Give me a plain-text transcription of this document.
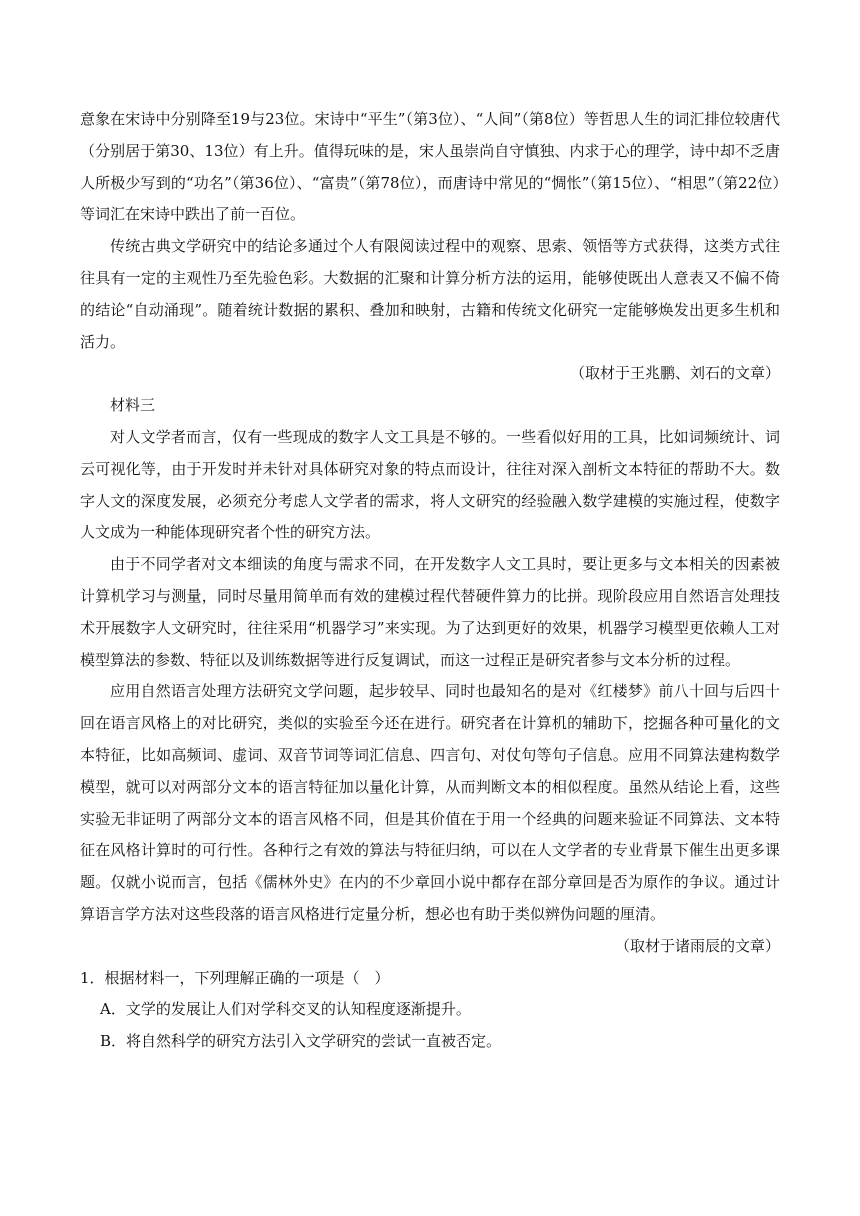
意象在宋诗中分别降至19与23位。宋诗中“平生”（第3位）、“人间”（第8位）等哲思人生的词汇排位较唐代（分别居于第30、13位）有上升。值得玩味的是，宋人虽崇尚自守慎独、内求于心的理学，诗中却不乏唐人所极少写到的“功名”（第36位）、“富贵”（第78位），而唐诗中常见的“惆怅”（第15位）、“相思”（第22位）等词汇在宋诗中跌出了前一百位。

传统古典文学研究中的结论多通过个人有限阅读过程中的观察、思索、领悟等方式获得，这类方式往往具有一定的主观性乃至先验色彩。大数据的汇聚和计算分析方法的运用，能够使既出人意表又不偏不倚的结论“自动涌现”。随着统计数据的累积、叠加和映射，古籍和传统文化研究一定能够焕发出更多生机和活力。

（取材于王兆鹏、刘石的文章）

材料三

对人文学者而言，仅有一些现成的数字人文工具是不够的。一些看似好用的工具，比如词频统计、词云可视化等，由于开发时并未针对具体研究对象的特点而设计，往往对深入剖析文本特征的帮助不大。数字人文的深度发展，必须充分考虑人文学者的需求，将人文研究的经验融入数学建模的实施过程，使数字人文成为一种能体现研究者个性的研究方法。

由于不同学者对文本细读的角度与需求不同，在开发数字人文工具时，要让更多与文本相关的因素被计算机学习与测量，同时尽量用简单而有效的建模过程代替硬件算力的比拼。现阶段应用自然语言处理技术开展数字人文研究时，往往采用“机器学习”来实现。为了达到更好的效果，机器学习模型更依赖人工对模型算法的参数、特征以及训练数据等进行反复调试，而这一过程正是研究者参与文本分析的过程。

应用自然语言处理方法研究文学问题，起步较早、同时也最知名的是对《红楼梦》前八十回与后四十回在语言风格上的对比研究，类似的实验至今还在进行。研究者在计算机的辅助下，挖掘各种可量化的文本特征，比如高频词、虚词、双音节词等词汇信息、四言句、对仗句等句子信息。应用不同算法建构数学模型，就可以对两部分文本的语言特征加以量化计算，从而判断文本的相似程度。虽然从结论上看，这些实验无非证明了两部分文本的语言风格不同，但是其价值在于用一个经典的问题来验证不同算法、文本特征在风格计算时的可行性。各种行之有效的算法与特征归纳，可以在人文学者的专业背景下催生出更多课题。仅就小说而言，包括《儒林外史》在内的不少章回小说中都存在部分章回是否为原作的争议。通过计算语言学方法对这些段落的语言风格进行定量分析，想必也有助于类似辨伪问题的厘清。

（取材于诸雨辰的文章）

1．根据材料一，下列理解正确的一项是（　）

A．文学的发展让人们对学科交叉的认知程度逐渐提升。

B．将自然科学的研究方法引入文学研究的尝试一直被否定。
